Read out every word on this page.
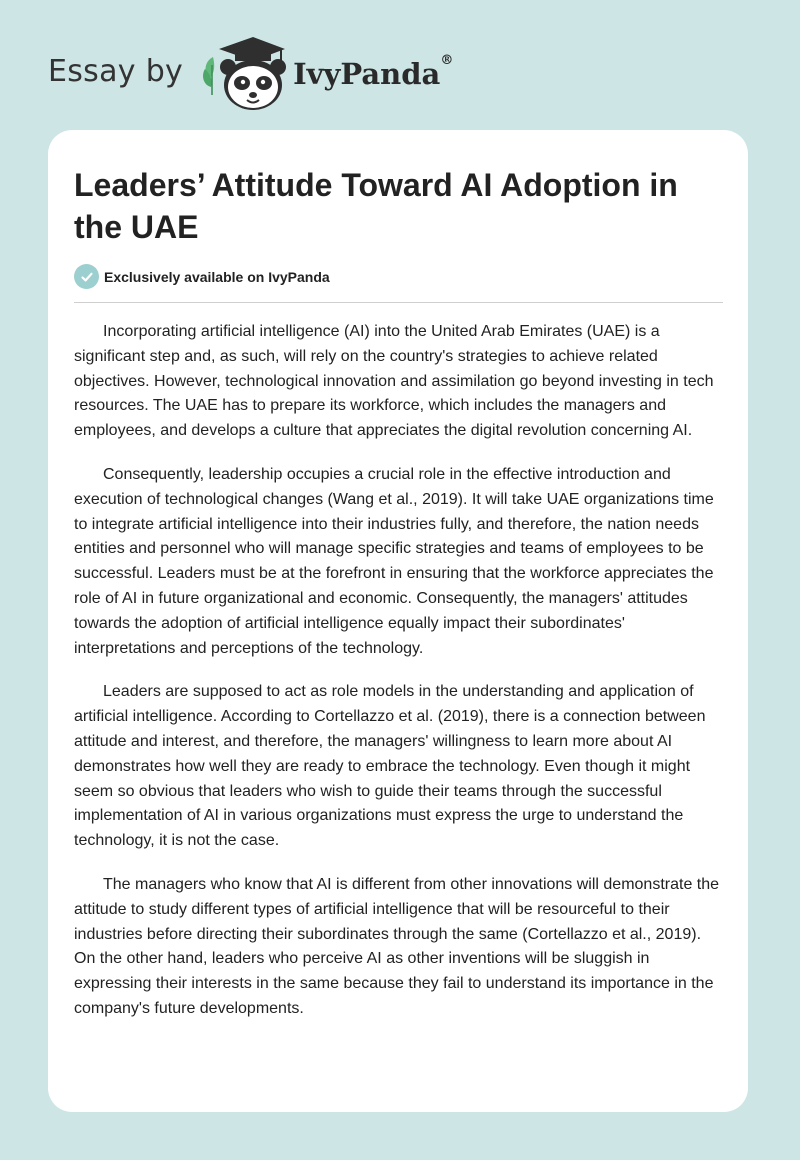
Essay by	IvyPanda®
Leaders’ Attitude Toward AI Adoption in the UAE
Exclusively available on IvyPanda

Incorporating artificial intelligence (AI) into the United Arab Emirates (UAE) is a significant step and, as such, will rely on the country's strategies to achieve related objectives. However, technological innovation and assimilation go beyond investing in tech resources. The UAE has to prepare its workforce, which includes the managers and employees, and develops a culture that appreciates the digital revolution concerning AI.

Consequently, leadership occupies a crucial role in the effective introduction and execution of technological changes (Wang et al., 2019). It will take UAE organizations time to integrate artificial intelligence into their industries fully, and therefore, the nation needs entities and personnel who will manage specific strategies and teams of employees to be successful. Leaders must be at the forefront in ensuring that the workforce appreciates the role of AI in future organizational and economic. Consequently, the managers' attitudes towards the adoption of artificial intelligence equally impact their subordinates' interpretations and perceptions of the technology.

Leaders are supposed to act as role models in the understanding and application of artificial intelligence. According to Cortellazzo et al. (2019), there is a connection between attitude and interest, and therefore, the managers' willingness to learn more about AI demonstrates how well they are ready to embrace the technology. Even though it might seem so obvious that leaders who wish to guide their teams through the successful implementation of AI in various organizations must express the urge to understand the technology, it is not the case.

The managers who know that AI is different from other innovations will demonstrate the attitude to study different types of artificial intelligence that will be resourceful to their industries before directing their subordinates through the same (Cortellazzo et al., 2019). On the other hand, leaders who perceive AI as other inventions will be sluggish in expressing their interests in the same because they fail to understand its importance in the company's future developments.
